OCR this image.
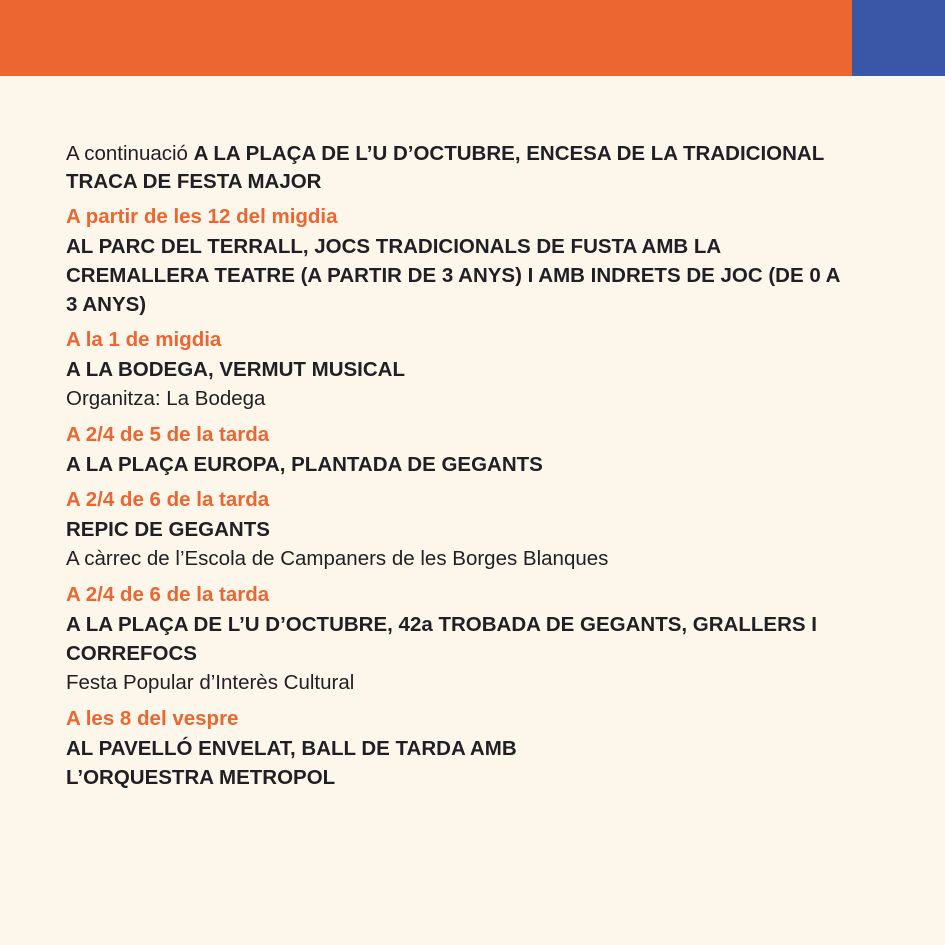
A continuació A LA PLAÇA DE L’U D’OCTUBRE, ENCESA DE LA TRADICIONAL TRACA DE FESTA MAJOR
A partir de les 12 del migdia
AL PARC DEL TERRALL, JOCS TRADICIONALS DE FUSTA AMB LA CREMALLERA TEATRE (A PARTIR DE 3 ANYS) I AMB INDRETS DE JOC (DE 0 A 3 ANYS)
A la 1 de migdia
A LA BODEGA, VERMUT MUSICAL
Organitza: La Bodega
A 2/4 de 5 de la tarda
A LA PLAÇA EUROPA, PLANTADA DE GEGANTS
A 2/4 de 6 de la tarda
REPIC DE GEGANTS
A càrrec de l’Escola de Campaners de les Borges Blanques
A 2/4 de 6 de la tarda
A LA PLAÇA DE L’U D’OCTUBRE, 42a TROBADA DE GEGANTS, GRALLERS I CORREFOCS
Festa Popular d’Interès Cultural
A les 8 del vespre
AL PAVELLÓ ENVELAT, BALL DE TARDA AMB L’ORQUESTRA METROPOL
